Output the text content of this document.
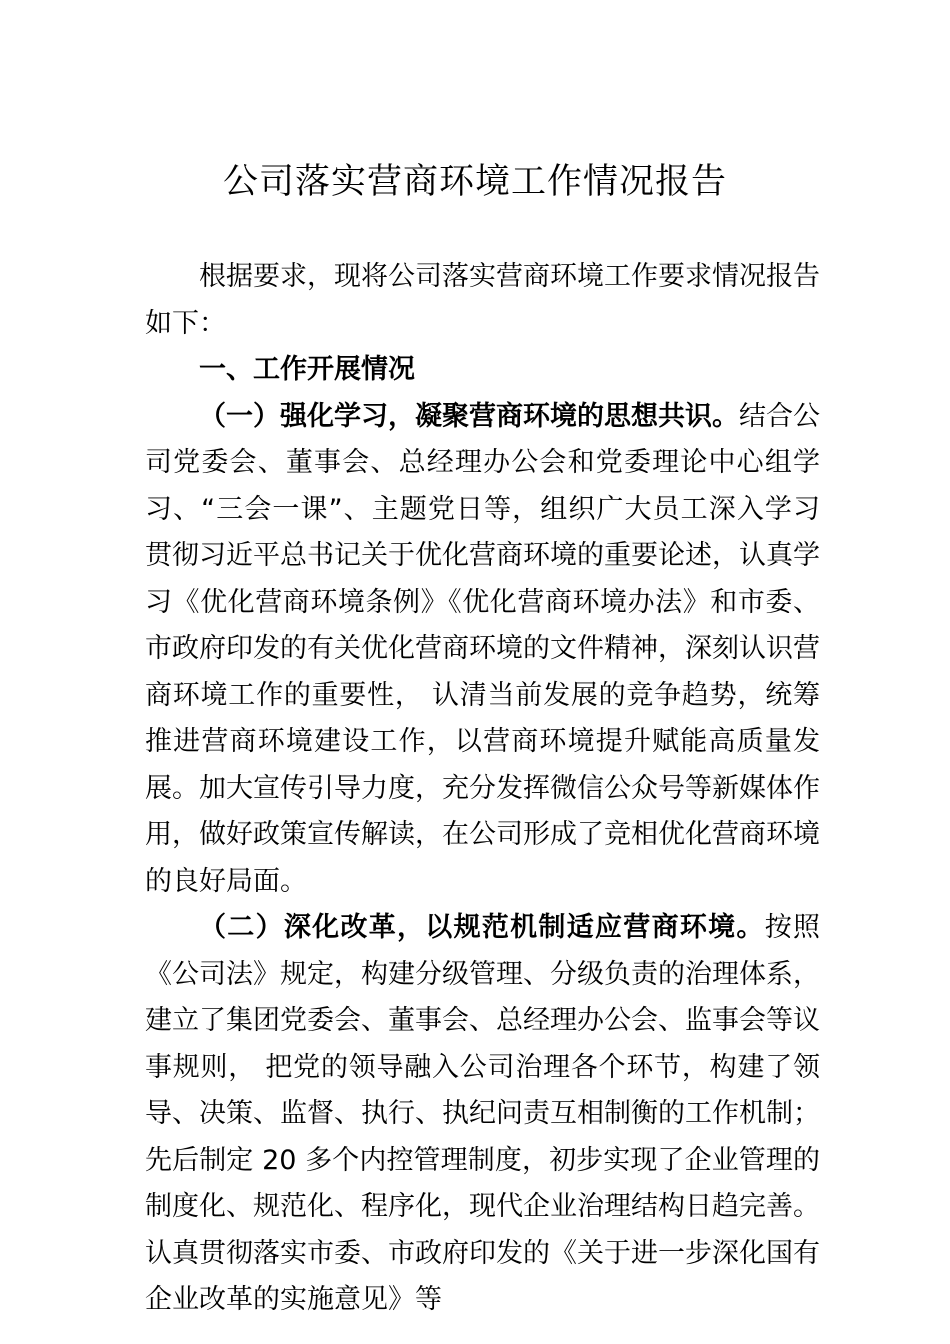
公司落实营商环境工作情况报告

根据要求，现将公司落实营商环境工作要求情况报告如下：

一、工作开展情况

（一）强化学习，凝聚营商环境的思想共识。结合公司党委会、董事会、总经理办公会和党委理论中心组学习、“三会一课”、主题党日等，组织广大员工深入学习贯彻习近平总书记关于优化营商环境的重要论述，认真学习《优化营商环境条例》《优化营商环境办法》和市委、市政府印发的有关优化营商环境的文件精神，深刻认识营商环境工作的重要性， 认清当前发展的竞争趋势，统筹推进营商环境建设工作，以营商环境提升赋能高质量发展。加大宣传引导力度，充分发挥微信公众号等新媒体作用，做好政策宣传解读，在公司形成了竞相优化营商环境的良好局面。

（二）深化改革，以规范机制适应营商环境。按照《公司法》规定，构建分级管理、分级负责的治理体系，建立了集团党委会、董事会、总经理办公会、监事会等议事规则， 把党的领导融入公司治理各个环节，构建了领导、决策、监督、执行、执纪问责互相制衡的工作机制；先后制定 20 多个内控管理制度，初步实现了企业管理的制度化、规范化、程序化，现代企业治理结构日趋完善。认真贯彻落实市委、市政府印发的《关于进一步深化国有企业改革的实施意见》等
